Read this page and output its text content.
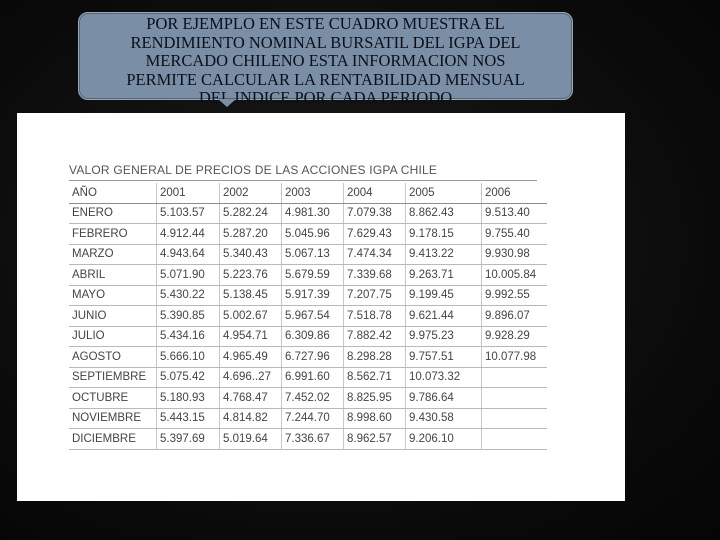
POR EJEMPLO EN ESTE CUADRO MUESTRA EL

RENDIMIENTO NOMINAL BURSATIL DEL IGPA DEL

MERCADO CHILENO ESTA INFORMACION NOS

PERMITE CALCULAR LA RENTABILIDAD MENSUAL

DEL INDICE POR CADA PERIODO

VALOR GENERAL DE PRECIOS DE LAS ACCIONES IGPA CHILE
AÑO	2001	2002	2003	2004	2005	2006
ENERO	5.103.57	5.282.24	4.981.30	7.079.38	8.862.43	9.513.40
FEBRERO	4.912.44	5.287.20	5.045.96	7.629.43	9.178.15	9.755.40
MARZO	4.943.64	5.340.43	5.067.13	7.474.34	9.413.22	9.930.98
ABRIL	5.071.90	5.223.76	5.679.59	7.339.68	9.263.71	10.005.84
MAYO	5.430.22	5.138.45	5.917.39	7.207.75	9.199.45	9.992.55
JUNIO	5.390.85	5.002.67	5.967.54	7.518.78	9.621.44	9.896.07
JULIO	5.434.16	4.954.71	6.309.86	7.882.42	9.975.23	9.928.29
AGOSTO	5.666.10	4.965.49	6.727.96	8.298.28	9.757.51	10.077.98
SEPTIEMBRE	5.075.42	4.696..27	6.991.60	8.562.71	10.073.32	
OCTUBRE	5.180.93	4.768.47	7.452.02	8.825.95	9.786.64	
NOVIEMBRE	5.443.15	4.814.82	7.244.70	8.998.60	9.430.58	
DICIEMBRE	5.397.69	5.019.64	7.336.67	8.962.57	9.206.10	
